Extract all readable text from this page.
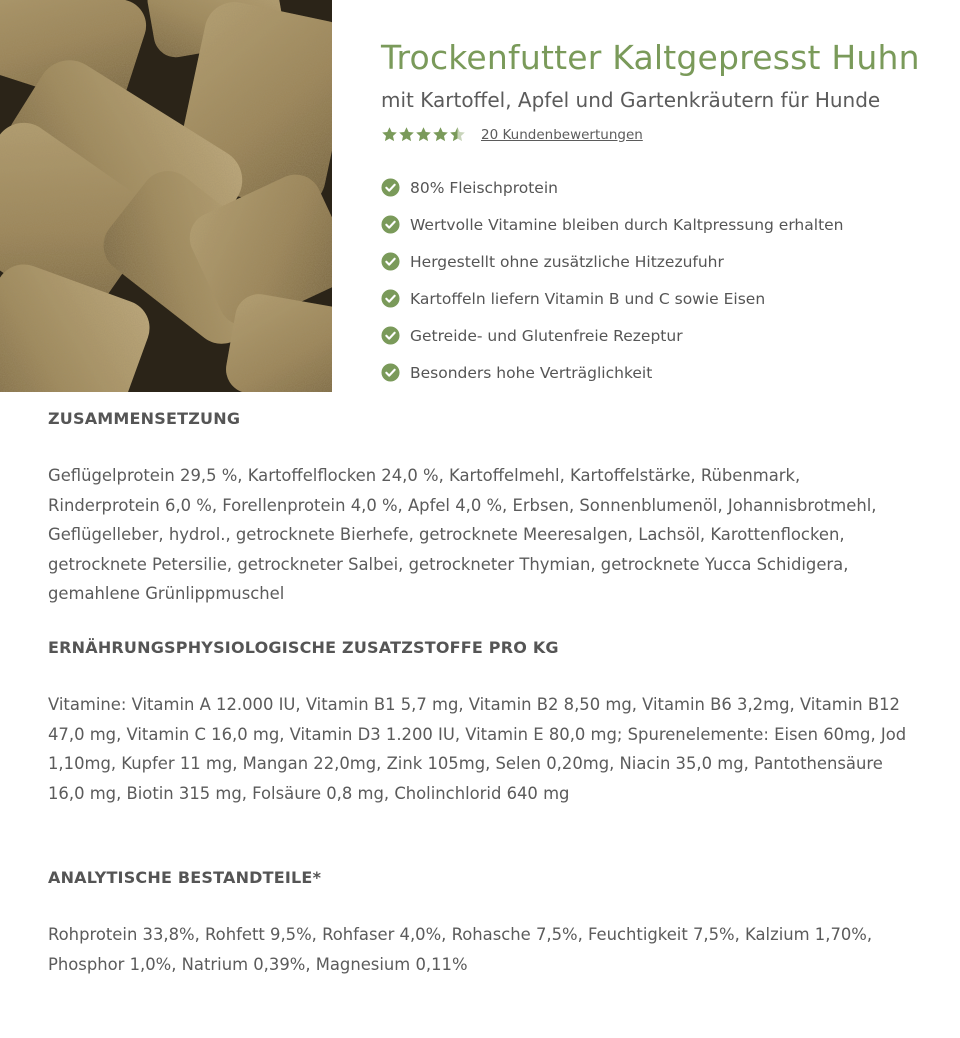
Trockenfutter Kaltgepresst Huhn
mit Kartoffel, Apfel und Gartenkräutern für Hunde
20 Kundenbewertungen
80% Fleischprotein
Wertvolle Vitamine bleiben durch Kaltpressung erhalten
Hergestellt ohne zusätzliche Hitzezufuhr
Kartoffeln liefern Vitamin B und C sowie Eisen
Getreide- und Glutenfreie Rezeptur
Besonders hohe Verträglichkeit
ZUSAMMENSETZUNG

Geflügelprotein 29,5 %, Kartoffelflocken 24,0 %, Kartoffelmehl, Kartoffelstärke, Rübenmark, Rinderprotein 6,0 %, Forellenprotein 4,0 %, Apfel 4,0 %, Erbsen, Sonnenblumenöl, Johannisbrotmehl, Geflügelleber, hydrol., getrocknete Bierhefe, getrocknete Meeresalgen, Lachsöl, Karottenflocken, getrocknete Petersilie, getrockneter Salbei, getrockneter Thymian, getrocknete Yucca Schidigera, gemahlene Grünlippmuschel

ERNÄHRUNGSPHYSIOLOGISCHE ZUSATZSTOFFE PRO KG

Vitamine: Vitamin A 12.000 IU, Vitamin B1 5,7 mg, Vitamin B2 8,50 mg, Vitamin B6 3,2mg, Vitamin B12 47,0 mg, Vitamin C 16,0 mg, Vitamin D3 1.200 IU, Vitamin E 80,0 mg; Spurenelemente: Eisen 60mg, Jod 1,10mg, Kupfer 11 mg, Mangan 22,0mg, Zink 105mg, Selen 0,20mg, Niacin 35,0 mg, Pantothensäure 16,0 mg, Biotin 315 mg, Folsäure 0,8 mg, Cholinchlorid 640 mg

ANALYTISCHE BESTANDTEILE*

Rohprotein 33,8%, Rohfett 9,5%, Rohfaser 4,0%, Rohasche 7,5%, Feuchtigkeit 7,5%, Kalzium 1,70%, Phosphor 1,0%, Natrium 0,39%, Magnesium 0,11%
